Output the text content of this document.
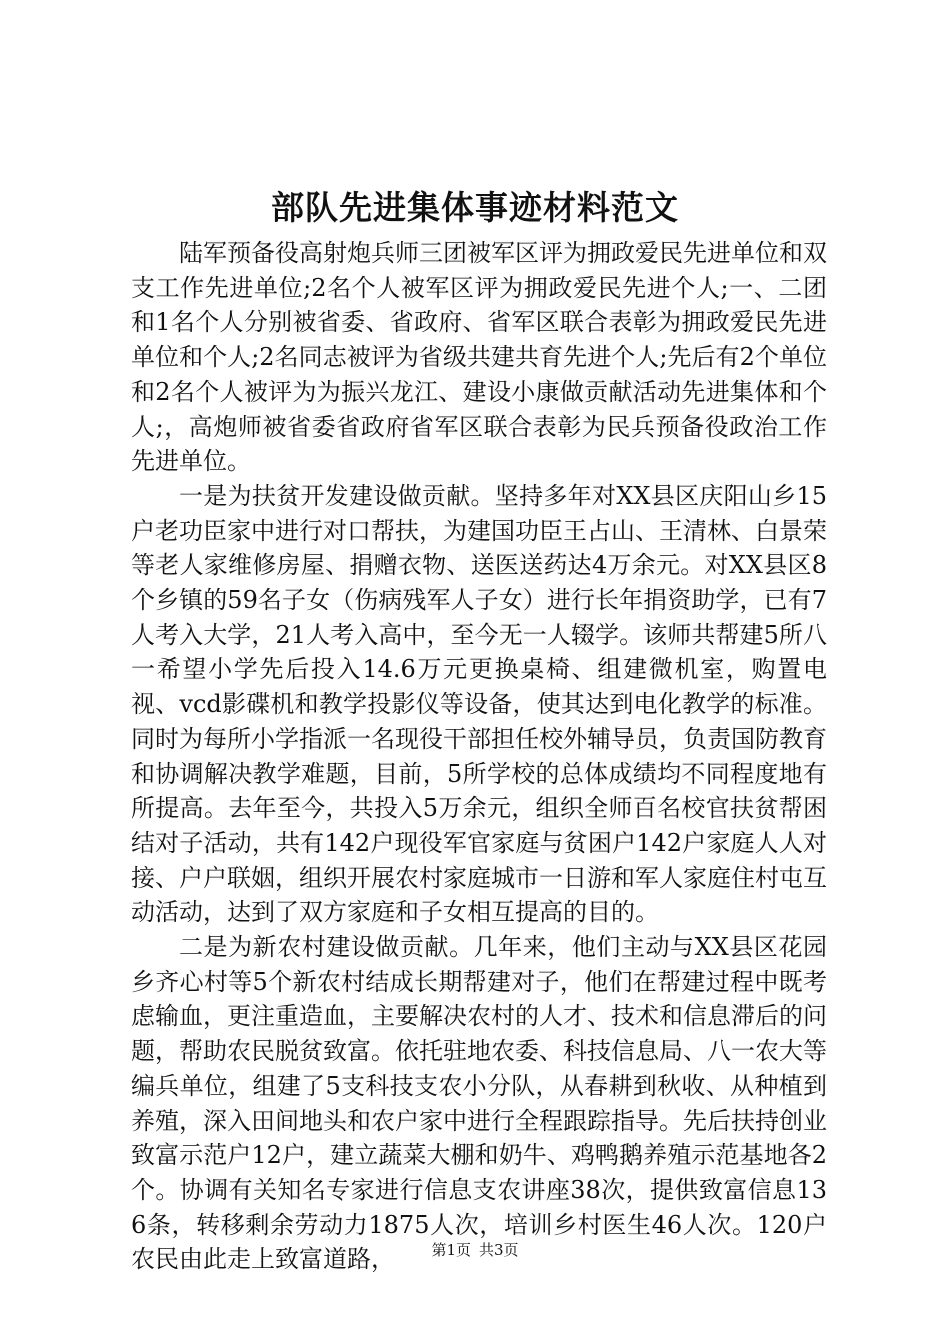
部队先进集体事迹材料范文

陆军预备役高射炮兵师三团被军区评为拥政爱民先进单位和双支工作先进单位;2名个人被军区评为拥政爱民先进个人;一、二团和1名个人分别被省委、省政府、省军区联合表彰为拥政爱民先进单位和个人;2名同志被评为省级共建共育先进个人;先后有2个单位和2名个人被评为为振兴龙江、建设小康做贡献活动先进集体和个人;，高炮师被省委省政府省军区联合表彰为民兵预备役政治工作先进单位。

一是为扶贫开发建设做贡献。坚持多年对XX县区庆阳山乡15户老功臣家中进行对口帮扶，为建国功臣王占山、王清林、白景荣等老人家维修房屋、捐赠衣物、送医送药达4万余元。对XX县区8个乡镇的59名子女（伤病残军人子女）进行长年捐资助学，已有7人考入大学，21人考入高中，至今无一人辍学。该师共帮建5所八一希望小学先后投入14.6万元更换桌椅、组建微机室，购置电视、vcd影碟机和教学投影仪等设备，使其达到电化教学的标准。同时为每所小学指派一名现役干部担任校外辅导员，负责国防教育和协调解决教学难题，目前，5所学校的总体成绩均不同程度地有所提高。去年至今，共投入5万余元，组织全师百名校官扶贫帮困结对子活动，共有142户现役军官家庭与贫困户142户家庭人人对接、户户联姻，组织开展农村家庭城市一日游和军人家庭住村屯互动活动，达到了双方家庭和子女相互提高的目的。

二是为新农村建设做贡献。几年来，他们主动与XX县区花园乡齐心村等5个新农村结成长期帮建对子，他们在帮建过程中既考虑输血，更注重造血，主要解决农村的人才、技术和信息滞后的问题，帮助农民脱贫致富。依托驻地农委、科技信息局、八一农大等编兵单位，组建了5支科技支农小分队，从春耕到秋收、从种植到养殖，深入田间地头和农户家中进行全程跟踪指导。先后扶持创业致富示范户12户，建立蔬菜大棚和奶牛、鸡鸭鹅养殖示范基地各2个。协调有关知名专家进行信息支农讲座38次，提供致富信息136条，转移剩余劳动力1875人次，培训乡村医生46人次。120户农民由此走上致富道路，	第1页 共3页
